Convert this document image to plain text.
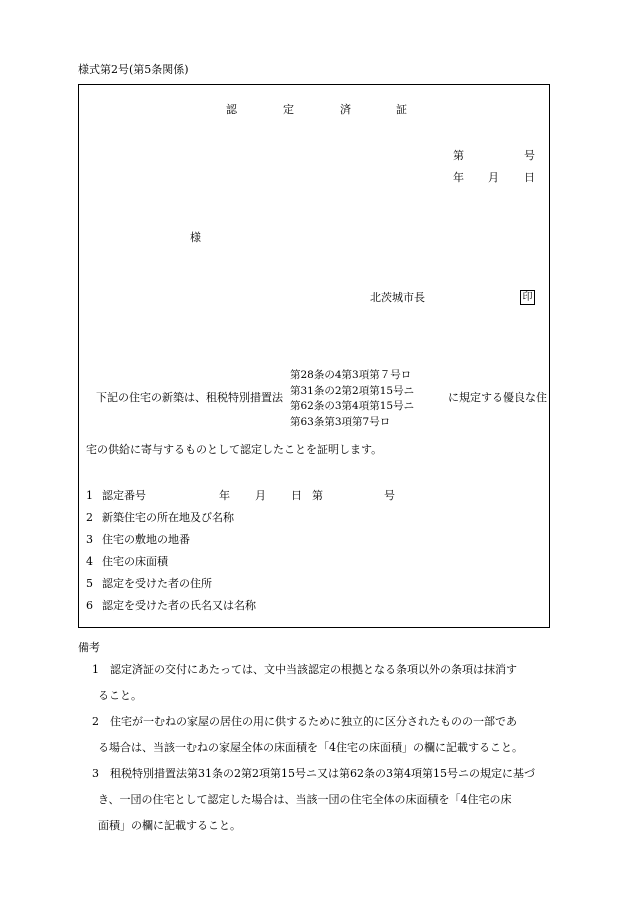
様式第2号(第5条関係)
認	定	済	証
第	号
年 月 日
様
北茨城市長	印
下記の住宅の新築は、租税特別措置法
第28条の4第3項第７号ロ
第31条の2第2項第15号ニ
第62条の3第4項第15号ニ
第63条第3項第7号ロ
に規定する優良な住
宅の供給に寄与するものとして認定したことを証明します。
1 認定番号	年 月 日 第	号
2 新築住宅の所在地及び名称
3 住宅の敷地の地番
4 住宅の床面積
5 認定を受けた者の住所
6 認定を受けた者の氏名又は名称
備考
1　認定済証の交付にあたっては、文中当該認定の根拠となる条項以外の条項は抹消す
ること。
2　住宅が一むねの家屋の居住の用に供するために独立的に区分されたものの一部であ
る場合は、当該一むねの家屋全体の床面積を「4住宅の床面積」の欄に記載すること。
3　租税特別措置法第31条の2第2項第15号ニ又は第62条の3第4項第15号ニの規定に基づ
き、一団の住宅として認定した場合は、当該一団の住宅全体の床面積を「4住宅の床
面積」の欄に記載すること。
